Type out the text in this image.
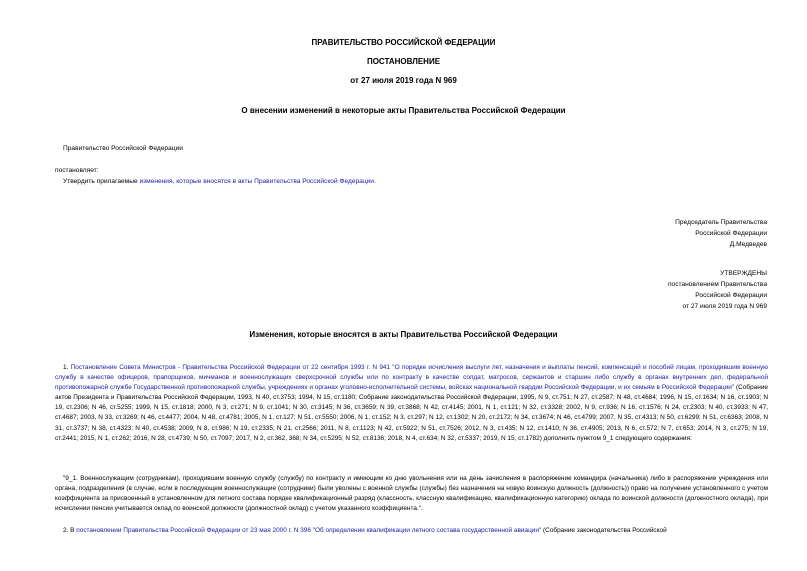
ПРАВИТЕЛЬСТВО РОССИЙСКОЙ ФЕДЕРАЦИИ
ПОСТАНОВЛЕНИЕ
от 27 июля 2019 года N 969
О внесении изменений в некоторые акты Правительства Российской Федерации
Правительство Российской Федерации
постановляет:
Утвердить прилагаемые изменения, которые вносятся в акты Правительства Российской Федерации.
Председатель Правительства
Российской Федерации
Д.Медведев
УТВЕРЖДЕНЫ
постановлением Правительства
Российской Федерации
от 27 июля 2019 года N 969
Изменения, которые вносятся в акты Правительства Российской Федерации
1. Постановление Совета Министров - Правительства Российской Федерации от 22 сентября 1993 г. N 941 "О порядке исчисления выслуги лет, назначения и выплаты пенсий, компенсаций и пособий лицам, проходившим военную службу в качестве офицеров, прапорщиков, мичманов и военнослужащих сверхсрочной службы или по контракту в качестве солдат, матросов, сержантов и старшин либо службу в органах внутренних дел, федеральной противопожарной службе Государственной противопожарной службы, учреждениях и органах уголовно-исполнительной системы, войсках национальной гвардии Российской Федерации, и их семьям в Российской Федерации" (Собрание актов Президента и Правительства Российской Федерации, 1993, N 40, ст.3753; 1994, N 15, ст.1180; Собрание законодательства Российской Федерации, 1995, N 9, ст.751; N 27, ст.2587; N 48, ст.4684; 1996, N 15, ст.1634; N 16, ст.1903; N 19, ст.2306; N 46, ст.5255; 1999, N 15, ст.1818; 2000, N 3, ст.271; N 9, ст.1041; N 30, ст.3145; N 36, ст.3659; N 39, ст.3868; N 42, ст.4145; 2001, N 1, ст.121; N 32, ст.3328; 2002, N 9, ст.936; N 16, ст.1576; N 24, ст.2303; N 40, ст.3933; N 47, ст.4687; 2003, N 33, ст.3269; N 46, ст.4477; 2004, N 48, ст.4781; 2005, N 1, ст.127; N 51, ст.5550; 2006, N 1, ст.152; N 3, ст.297; N 12, ст.1302; N 20, ст.2172; N 34, ст.3674; N 46, ст.4799; 2007, N 35, ст.4313; N 50, ст.6299; N 51, ст.6363; 2008, N 31, ст.3737; N 38, ст.4323; N 40, ст.4538; 2009, N 8, ст.986; N 19, ст.2335; N 21, ст.2566; 2011, N 8, ст.1123; N 42, ст.5922; N 51, ст.7526; 2012, N 3, ст.435; N 12, ст.1410; N 36, ст.4905; 2013, N 6, ст.572; N 7, ст.653; 2014, N 3, ст.275; N 19, ст.2441; 2015, N 1, ст.262; 2016, N 28, ст.4739; N 50, ст.7097; 2017, N 2, ст.362, 368; N 34, ст.5295; N 52, ст.8136; 2018, N 4, ст.634; N 32, ст.5337; 2019, N 15, ст.1782) дополнить пунктом 9_1 следующего содержания:
"9_1. Военнослужащим (сотрудникам), проходившим военную службу (службу) по контракту и имеющим ко дню увольнения или на день зачисления в распоряжение командира (начальника) либо в распоряжение учреждения или органа, подразделения (в случае, если в последующем военнослужащие (сотрудники) были уволены с военной службы (службы) без назначения на новую воинскую должность (должность)) право на получение установленного с учетом коэффициента за присвоенный в установленном для летного состава порядке квалификационный разряд (классность, классную квалификацию, квалификационную категорию) оклада по воинской должности (должностного оклада), при исчислении пенсии учитывается оклад по воинской должности (должностной оклад) с учетом указанного коэффициента.".
2. В постановлении Правительства Российской Федерации от 23 мая 2000 г. N 396 "Об определении квалификации летного состава государственной авиации" (Собрание законодательства Российской
